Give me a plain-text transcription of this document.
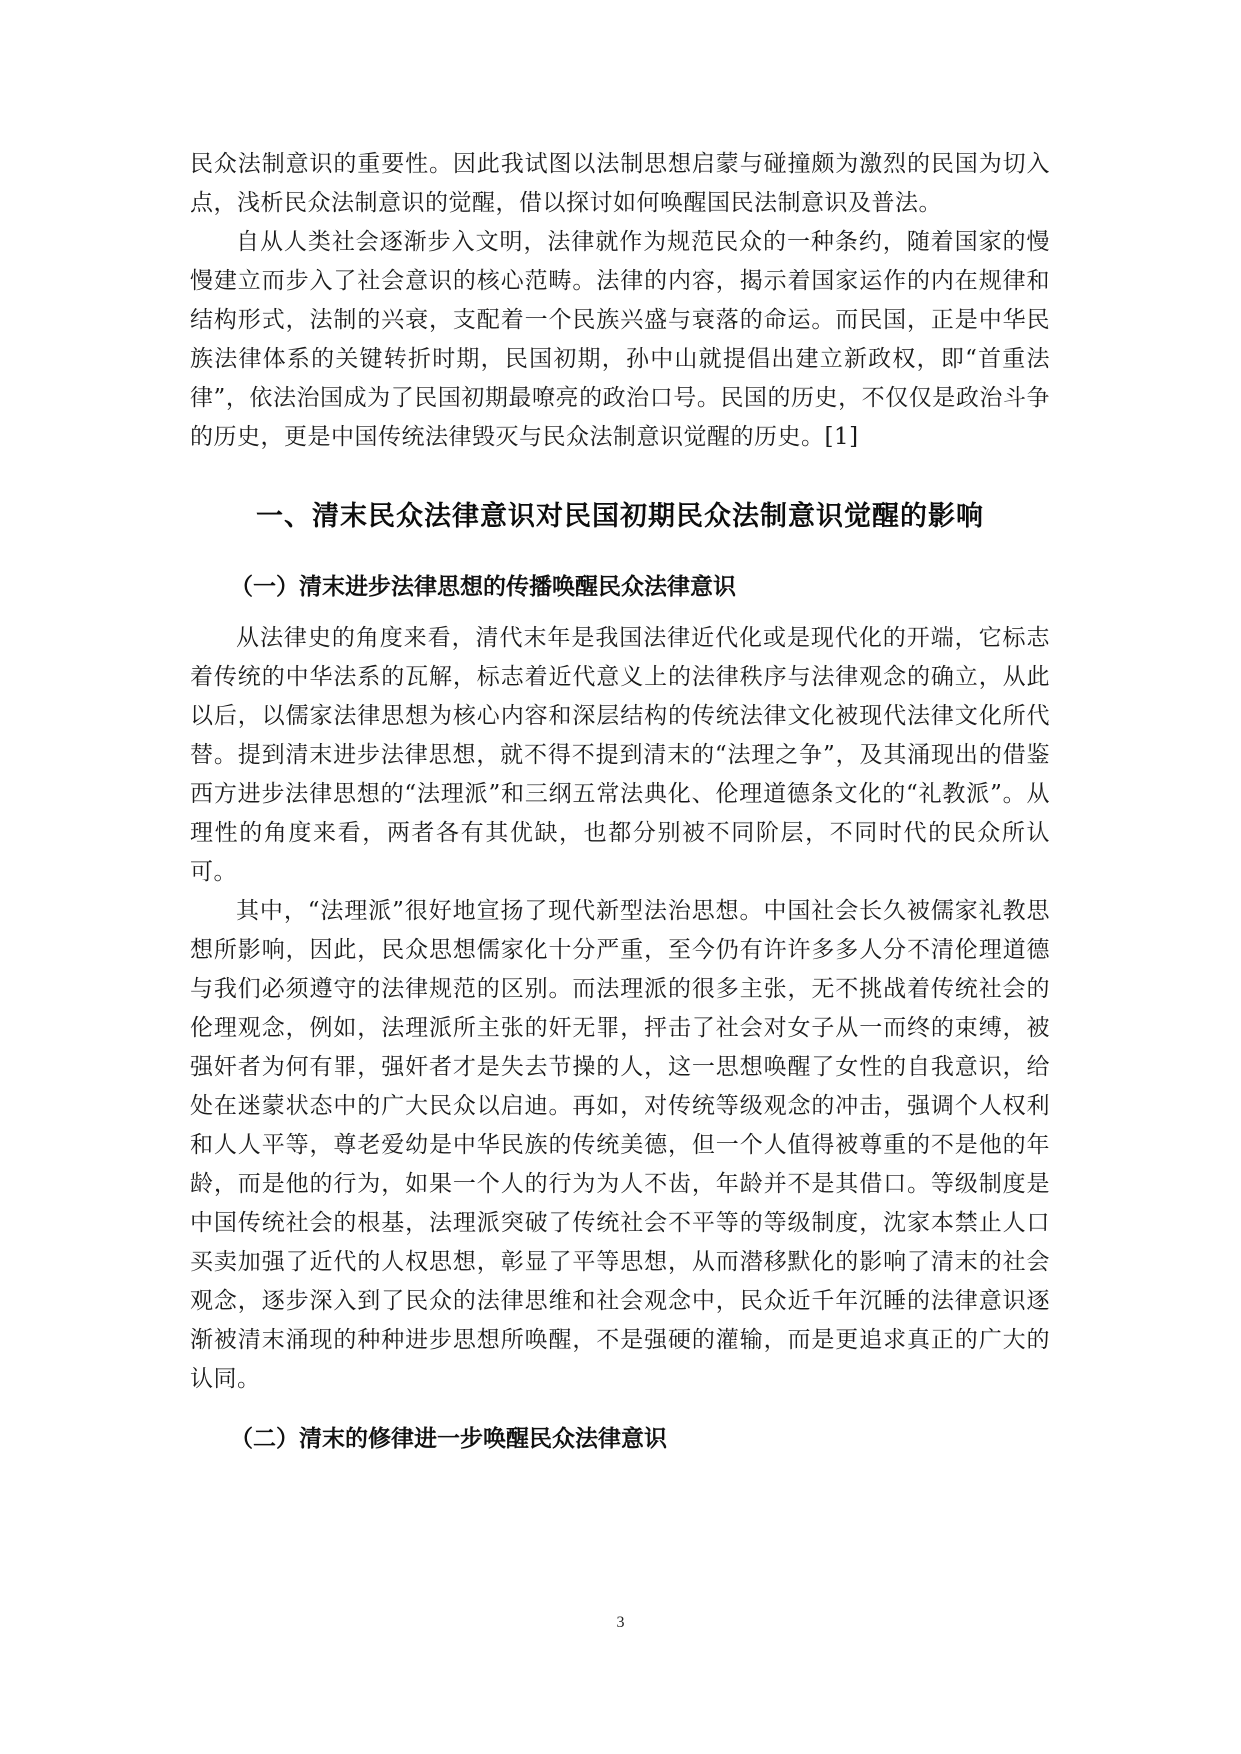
民众法制意识的重要性。因此我试图以法制思想启蒙与碰撞颇为激烈的民国为切入点，浅析民众法制意识的觉醒，借以探讨如何唤醒国民法制意识及普法。

自从人类社会逐渐步入文明，法律就作为规范民众的一种条约，随着国家的慢慢建立而步入了社会意识的核心范畴。法律的内容，揭示着国家运作的内在规律和结构形式，法制的兴衰，支配着一个民族兴盛与衰落的命运。而民国，正是中华民族法律体系的关键转折时期，民国初期，孙中山就提倡出建立新政权，即“首重法律”，依法治国成为了民国初期最嘹亮的政治口号。民国的历史，不仅仅是政治斗争的历史，更是中国传统法律毁灭与民众法制意识觉醒的历史。[1]

一、清末民众法律意识对民国初期民众法制意识觉醒的影响
（一）清末进步法律思想的传播唤醒民众法律意识

从法律史的角度来看，清代末年是我国法律近代化或是现代化的开端，它标志着传统的中华法系的瓦解，标志着近代意义上的法律秩序与法律观念的确立，从此以后，以儒家法律思想为核心内容和深层结构的传统法律文化被现代法律文化所代替。提到清末进步法律思想，就不得不提到清末的“法理之争”，及其涌现出的借鉴西方进步法律思想的“法理派”和三纲五常法典化、伦理道德条文化的“礼教派”。从理性的角度来看，两者各有其优缺，也都分别被不同阶层，不同时代的民众所认可。

其中，“法理派”很好地宣扬了现代新型法治思想。中国社会长久被儒家礼教思想所影响，因此，民众思想儒家化十分严重，至今仍有许许多多人分不清伦理道德与我们必须遵守的法律规范的区别。而法理派的很多主张，无不挑战着传统社会的伦理观念，例如，法理派所主张的奸无罪，抨击了社会对女子从一而终的束缚，被强奸者为何有罪，强奸者才是失去节操的人，这一思想唤醒了女性的自我意识，给处在迷蒙状态中的广大民众以启迪。再如，对传统等级观念的冲击，强调个人权利和人人平等，尊老爱幼是中华民族的传统美德，但一个人值得被尊重的不是他的年龄，而是他的行为，如果一个人的行为为人不齿，年龄并不是其借口。等级制度是中国传统社会的根基，法理派突破了传统社会不平等的等级制度，沈家本禁止人口买卖加强了近代的人权思想，彰显了平等思想，从而潜移默化的影响了清末的社会观念，逐步深入到了民众的法律思维和社会观念中，民众近千年沉睡的法律意识逐渐被清末涌现的种种进步思想所唤醒，不是强硬的灌输，而是更追求真正的广大的认同。

（二）清末的修律进一步唤醒民众法律意识
3
